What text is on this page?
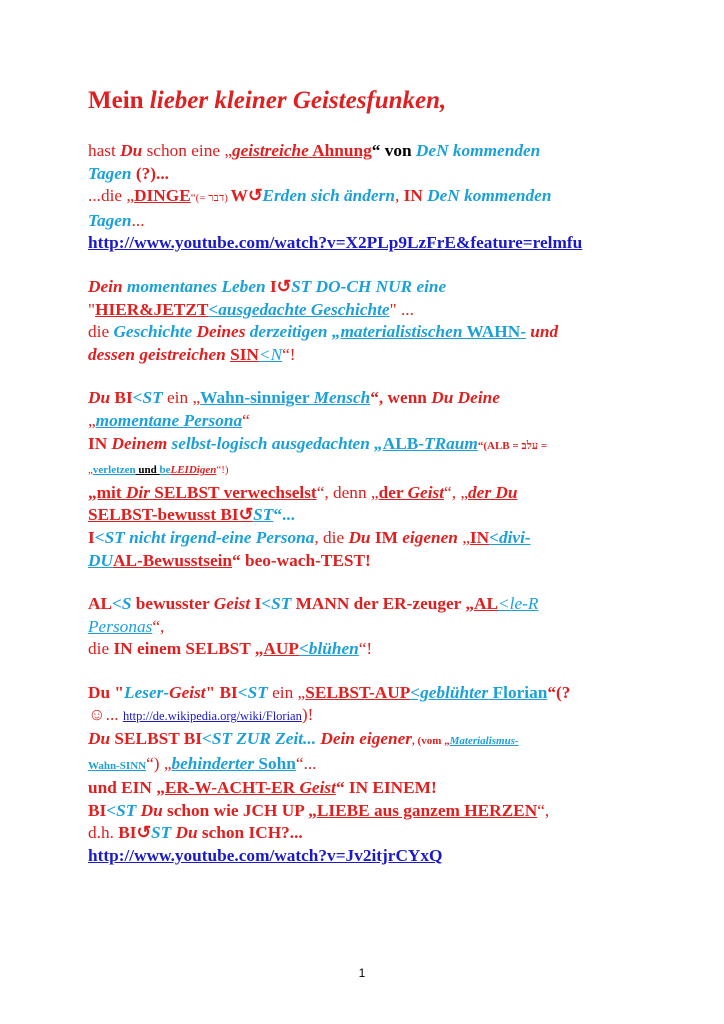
Mein lieber kleiner Geistesfunken,

hast Du schon eine „geistreiche Ahnung“ von DeN kommenden
Tagen (?)...
...die „DINGE“(= דבר) W↺Erden sich ändern, IN DeN kommenden
Tagen...
http://www.youtube.com/watch?v=X2PLp9LzFrE&feature=relmfu

Dein momentanes Leben I↺ST DO-CH NUR eine
"HIER&JETZT<ausgedachte Geschichte" ...
die Geschichte Deines derzeitigen „materialistischen WAHN- und
dessen geistreichen SIN<N“!

Du BI<ST ein „Wahn-sinniger Mensch“, wenn Du Deine
„momentane Persona“
IN Deinem selbst-logisch ausgedachten „ALB-TRaum“(ALB = עלב =
„verletzen und beLEIDigen“!)
„mit Dir SELBST verwechselst“, denn „der Geist“, „der Du
SELBST-bewusst BI↺ST“...
I<ST nicht irgend-eine Persona, die Du IM eigenen „IN<divi-
DUAL-Bewusstsein“ beo-wach-TEST!

AL<S bewusster Geist I<ST MANN der ER-zeuger „AL<le-R
Personas“,
die IN einem SELBST „AUP<blühen“!

Du "Leser-Geist" BI<ST ein „SELBST-AUP<geblühter Florian“(?
☺... http://de.wikipedia.org/wiki/Florian)!
Du SELBST BI<ST ZUR Zeit... Dein eigener, (vom „Materialismus-
Wahn-SINN“) „behinderter Sohn“...
und EIN „ER-W-ACHT-ER Geist“ IN EINEM!
BI<ST Du schon wie JCH UP „LIEBE aus ganzem HERZEN“,
d.h. BI↺ST Du schon ICH?...
http://www.youtube.com/watch?v=Jv2itjrCYxQ

1
